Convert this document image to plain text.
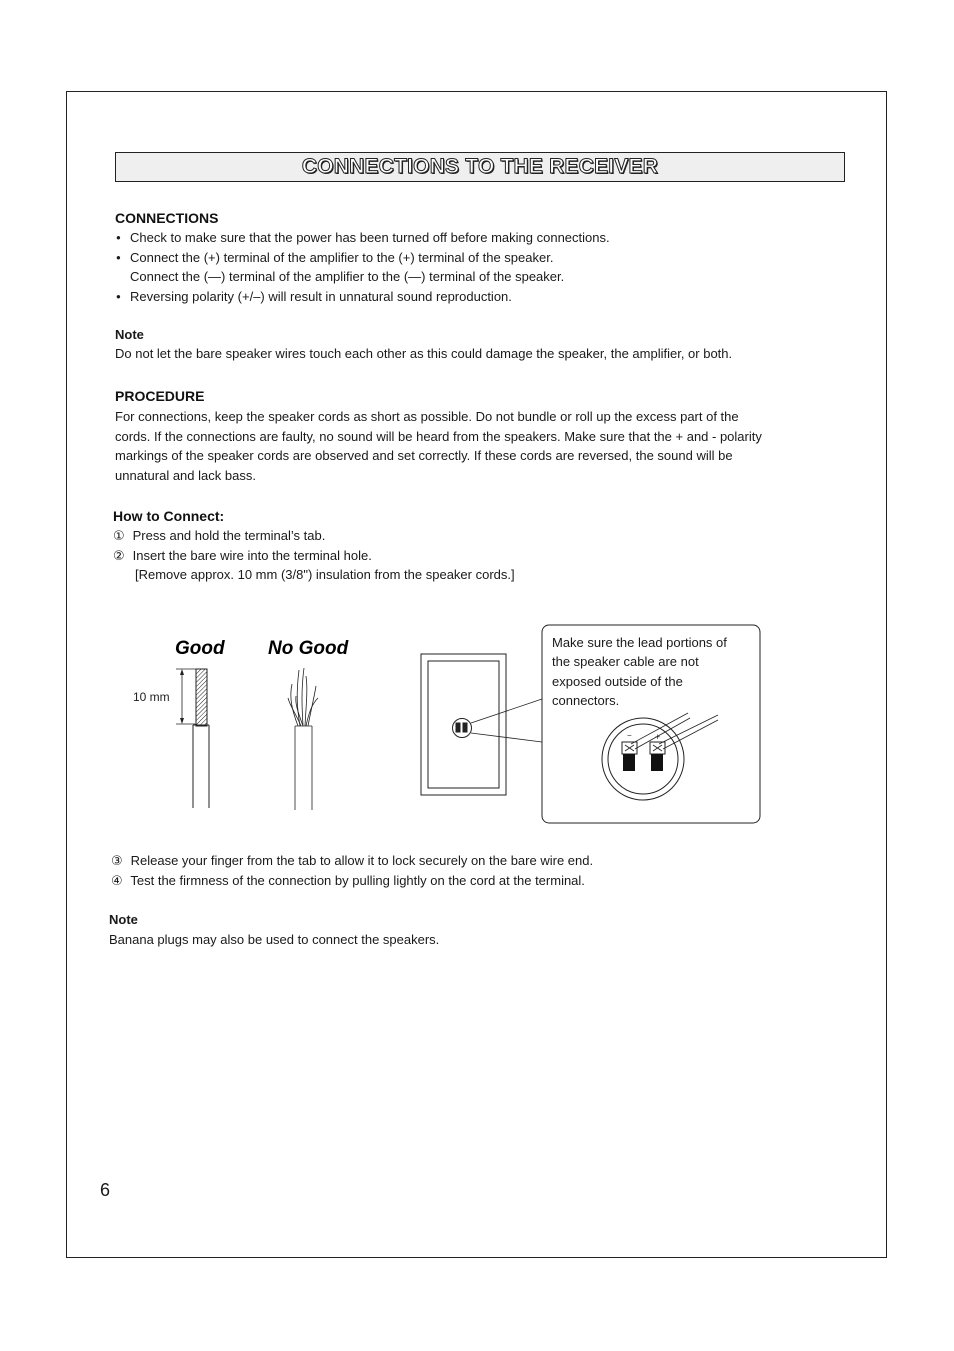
CONNECTIONS TO THE RECEIVER
CONNECTIONS
● Check to make sure that the power has been turned off before making connections.
● Connect the (+) terminal of the amplifier to the (+) terminal of the speaker.
Connect the (—) terminal of the amplifier to the (—) terminal of the speaker.
● Reversing polarity (+/–) will result in unnatural sound reproduction.
Note
Do not let the bare speaker wires touch each other as this could damage the speaker, the amplifier, or both.
PROCEDURE
For connections, keep the speaker cords as short as possible. Do not bundle or roll up the excess part of the
cords. If the connections are faulty, no sound will be heard from the speakers. Make sure that the + and - polarity
markings of the speaker cords are observed and set correctly. If these cords are reversed, the sound will be
unnatural and lack bass.
How to Connect:
① Press and hold the terminal’s tab.
② Insert the bare wire into the terminal hole.
[Remove approx. 10 mm (3/8") insulation from the speaker cords.]
Good No Good
10 mm
Make sure the lead portions of
the speaker cable are not
exposed outside of the
connectors.
−	+
③ Release your finger from the tab to allow it to lock securely on the bare wire end.
④ Test the firmness of the connection by pulling lightly on the cord at the terminal.
Note
Banana plugs may also be used to connect the speakers.
6
